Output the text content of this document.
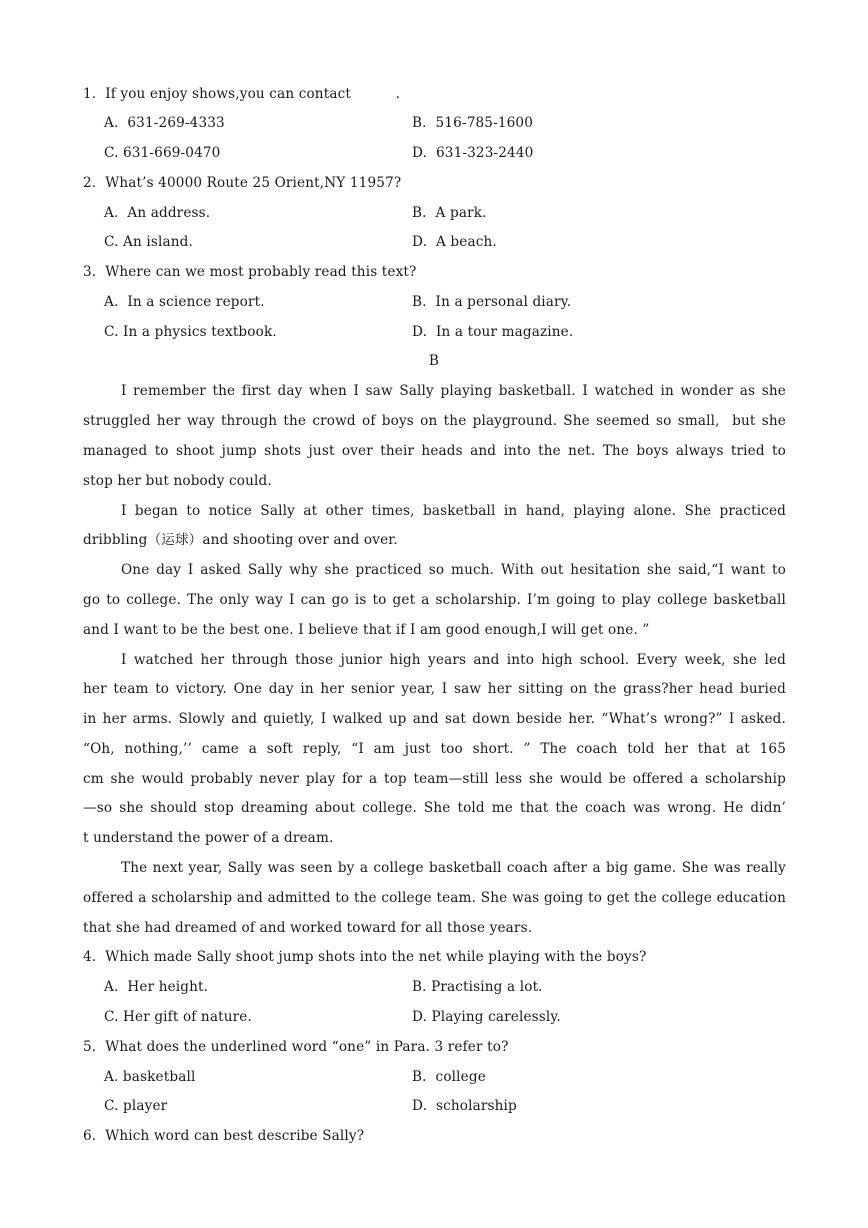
1.  If you enjoy shows,you can contact          .
A.  631-269-4333	B.  516-785-1600
C. 631-669-0470	D.  631-323-2440
2.  What’s 40000 Route 25 Orient,NY 11957?
A.  An address.	B.  A park.
C. An island.	D.  A beach.
3.  Where can we most probably read this text?
A.  In a science report.	B.  In a personal diary.
C. In a physics textbook.	D.  In a tour magazine.
B
I remember the first day when I saw Sally playing basketball. I watched in wonder as she
struggled her way through the crowd of boys on the playground. She seemed so small,  but she
managed to shoot jump shots just over their heads and into the net. The boys always tried to
stop her but nobody could.
I began to notice Sally at other times, basketball in hand, playing alone. She practiced
dribbling（运球）and shooting over and over.
One day I asked Sally why she practiced so much. With out hesitation she said,“I want to
go to college. The only way I can go is to get a scholarship. I’m going to play college basketball
and I want to be the best one. I believe that if I am good enough,I will get one. ”
I watched her through those junior high years and into high school. Every week, she led
her team to victory. One day in her senior year, I saw her sitting on the grass?her head buried
in her arms. Slowly and quietly, I walked up and sat down beside her. “What’s wrong?” I asked.
“Oh, nothing,’’ came a soft reply, “I am just too short. ” The coach told her that at 165
cm she would probably never play for a top team—still less she would be offered a scholarship
—so she should stop dreaming about college. She told me that the coach was wrong. He didn’
t understand the power of a dream.
The next year, Sally was seen by a college basketball coach after a big game. She was really
offered a scholarship and admitted to the college team. She was going to get the college education
that she had dreamed of and worked toward for all those years.
4.  Which made Sally shoot jump shots into the net while playing with the boys?
A.  Her height.	B. Practising a lot.
C. Her gift of nature.	D. Playing carelessly.
5.  What does the underlined word “one” in Para. 3 refer to?
A. basketball	B.  college
C. player	D.  scholarship
6.  Which word can best describe Sally?
